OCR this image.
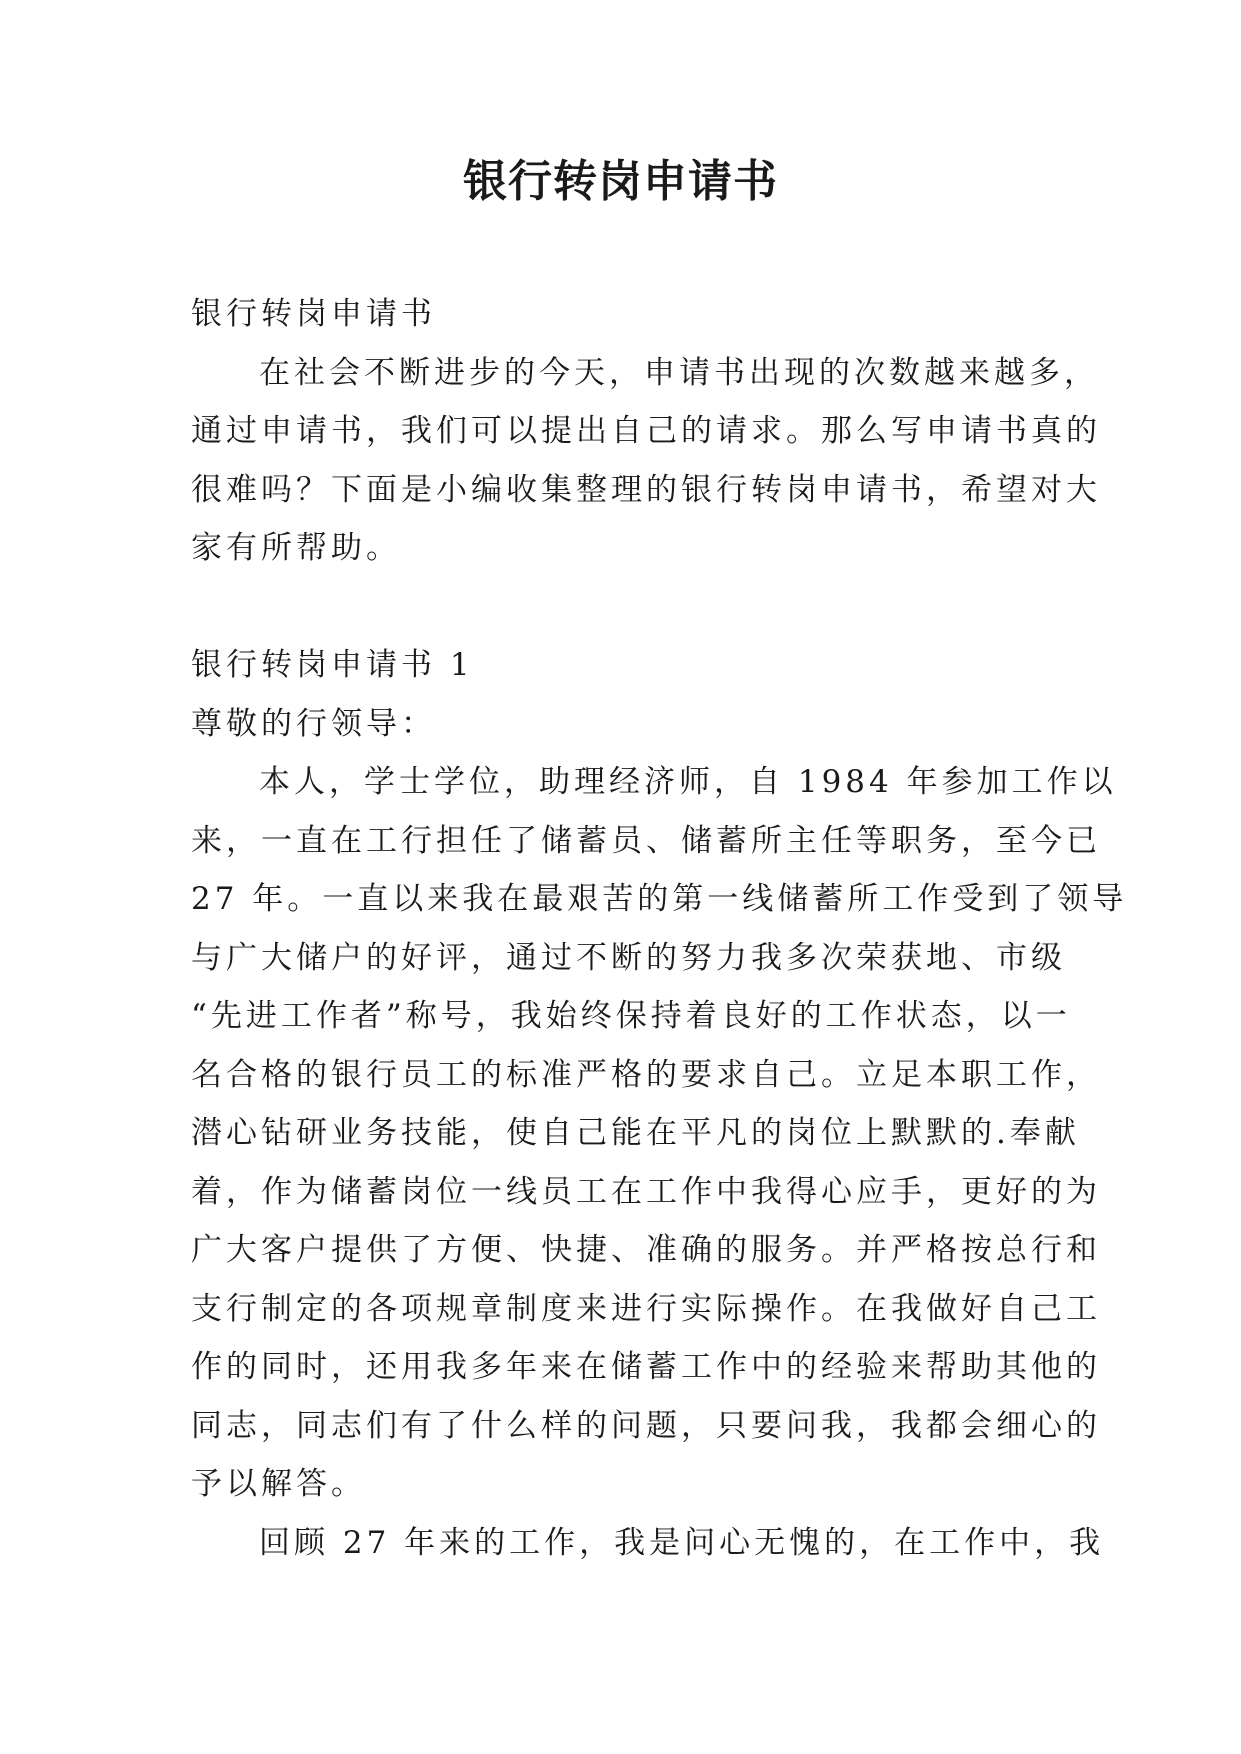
银行转岗申请书

银行转岗申请书

在社会不断进步的今天，申请书出现的次数越来越多，

通过申请书，我们可以提出自己的请求。那么写申请书真的

很难吗？下面是小编收集整理的银行转岗申请书，希望对大

家有所帮助。

银行转岗申请书 1

尊敬的行领导：

本人，学士学位，助理经济师，自 1984 年参加工作以

来，一直在工行担任了储蓄员、储蓄所主任等职务，至今已

27 年。一直以来我在最艰苦的第一线储蓄所工作受到了领导

与广大储户的好评，通过不断的努力我多次荣获地、市级

“先进工作者”称号，我始终保持着良好的工作状态，以一

名合格的银行员工的标准严格的要求自己。立足本职工作，

潜心钻研业务技能，使自己能在平凡的岗位上默默的.奉献

着，作为储蓄岗位一线员工在工作中我得心应手，更好的为

广大客户提供了方便、快捷、准确的服务。并严格按总行和

支行制定的各项规章制度来进行实际操作。在我做好自己工

作的同时，还用我多年来在储蓄工作中的经验来帮助其他的

同志，同志们有了什么样的问题，只要问我，我都会细心的

予以解答。

回顾 27 年来的工作，我是问心无愧的，在工作中，我
